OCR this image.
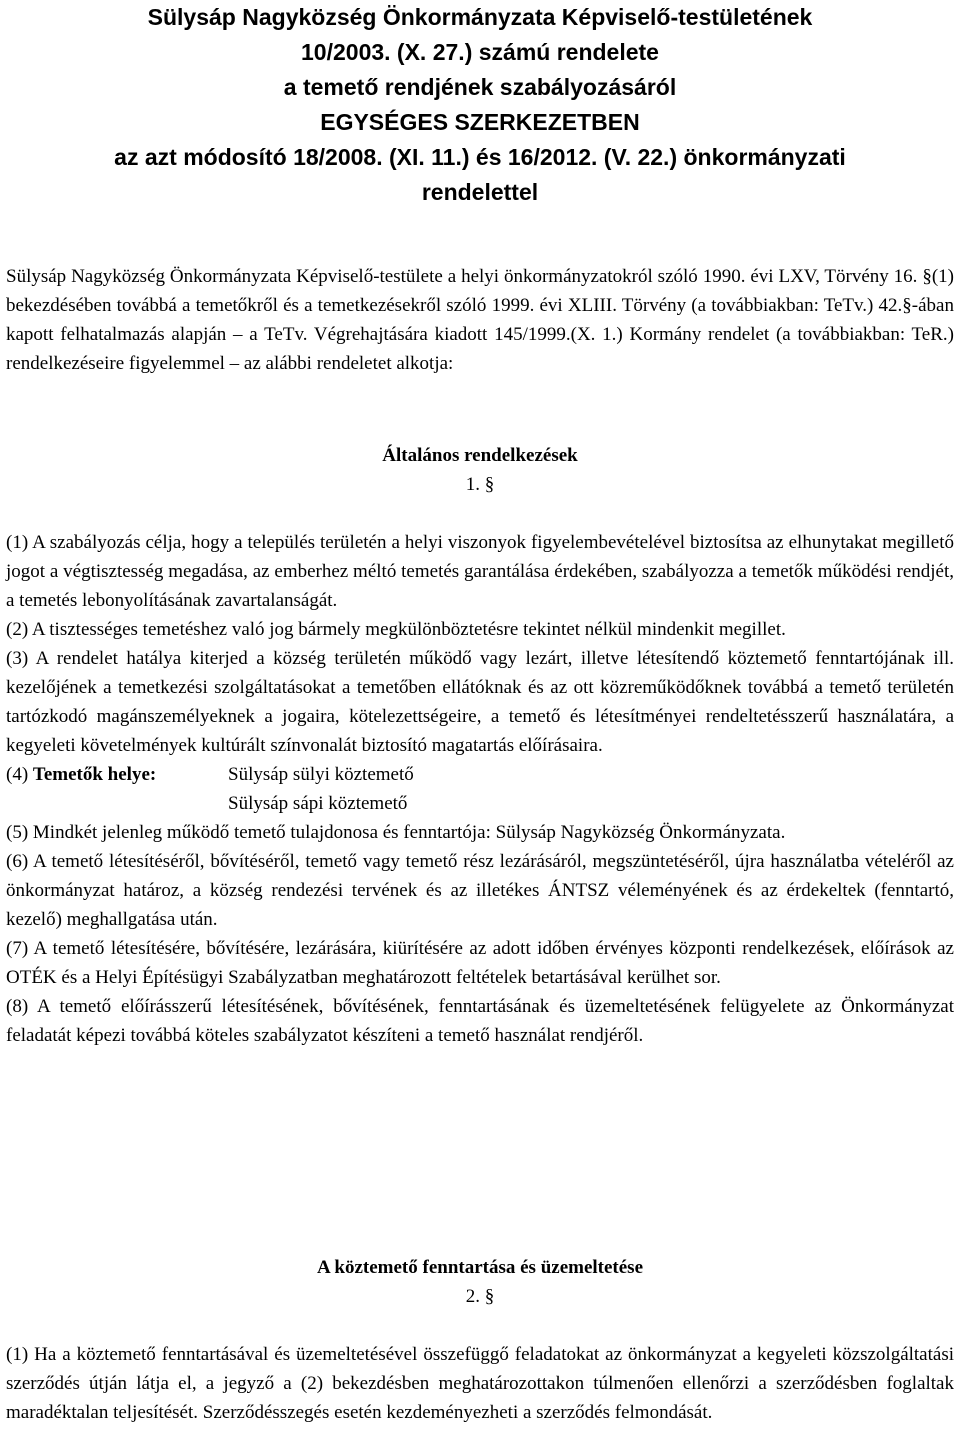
Sülysáp Nagyközség Önkormányzata Képviselő-testületének
10/2003. (X. 27.) számú rendelete
a temető rendjének szabályozásáról
EGYSÉGES SZERKEZETBEN
az azt módosító 18/2008. (XI. 11.) és 16/2012. (V. 22.) önkormányzati
rendelettel
Sülysáp Nagyközség Önkormányzata Képviselő-testülete a helyi önkormányzatokról szóló 1990. évi LXV, Törvény 16. §(1) bekezdésében továbbá a temetőkről és a temetkezésekről szóló 1999. évi XLIII. Törvény (a továbbiakban: TeTv.) 42.§-ában kapott felhatalmazás alapján – a TeTv. Végrehajtására kiadott 145/1999.(X. 1.) Kormány rendelet (a továbbiakban: TeR.) rendelkezéseire figyelemmel – az alábbi rendeletet alkotja:
Általános rendelkezések
1. §

(1) A szabályozás célja, hogy a település területén a helyi viszonyok figyelembevételével biztosítsa az elhunytakat megillető jogot a végtisztesség megadása, az emberhez méltó temetés garantálása érdekében, szabályozza a temetők működési rendjét, a temetés lebonyolításának zavartalanságát.

(2) A tisztességes temetéshez való jog bármely megkülönböztetésre tekintet nélkül mindenkit megillet.

(3) A rendelet hatálya kiterjed a község területén működő vagy lezárt, illetve létesítendő köztemető fenntartójának ill. kezelőjének a temetkezési szolgáltatásokat a temetőben ellátóknak és az ott közreműködőknek továbbá a temető területén tartózkodó magánszemélyeknek a jogaira, kötelezettségeire, a temető és létesítményei rendeltetésszerű használatára, a kegyeleti követelmények kultúrált színvonalát biztosító magatartás előírásaira.

(4) Temetők helye:	Sülysáp sülyi köztemető
Sülysáp sápi köztemető

(5) Mindkét jelenleg működő temető tulajdonosa és fenntartója: Sülysáp Nagyközség Önkormányzata.

(6) A temető létesítéséről, bővítéséről, temető vagy temető rész lezárásáról, megszüntetéséről, újra használatba vételéről az önkormányzat határoz, a község rendezési tervének és az illetékes ÁNTSZ véleményének és az érdekeltek (fenntartó, kezelő) meghallgatása után.

(7) A temető létesítésére, bővítésére, lezárására, kiürítésére az adott időben érvényes központi rendelkezések, előírások az OTÉK és a Helyi Építésügyi Szabályzatban meghatározott feltételek betartásával kerülhet sor.

(8) A temető előírásszerű létesítésének, bővítésének, fenntartásának és üzemeltetésének felügyelete az Önkormányzat feladatát képezi továbbá köteles szabályzatot készíteni a temető használat rendjéről.

A köztemető fenntartása és üzemeltetése
2. §

(1) Ha a köztemető fenntartásával és üzemeltetésével összefüggő feladatokat az önkormányzat a kegyeleti közszolgáltatási szerződés útján látja el, a jegyző a (2) bekezdésben meghatározottakon túlmenően ellenőrzi a szerződésben foglaltak maradéktalan teljesítését. Szerződésszegés esetén kezdeményezheti a szerződés felmondását.
